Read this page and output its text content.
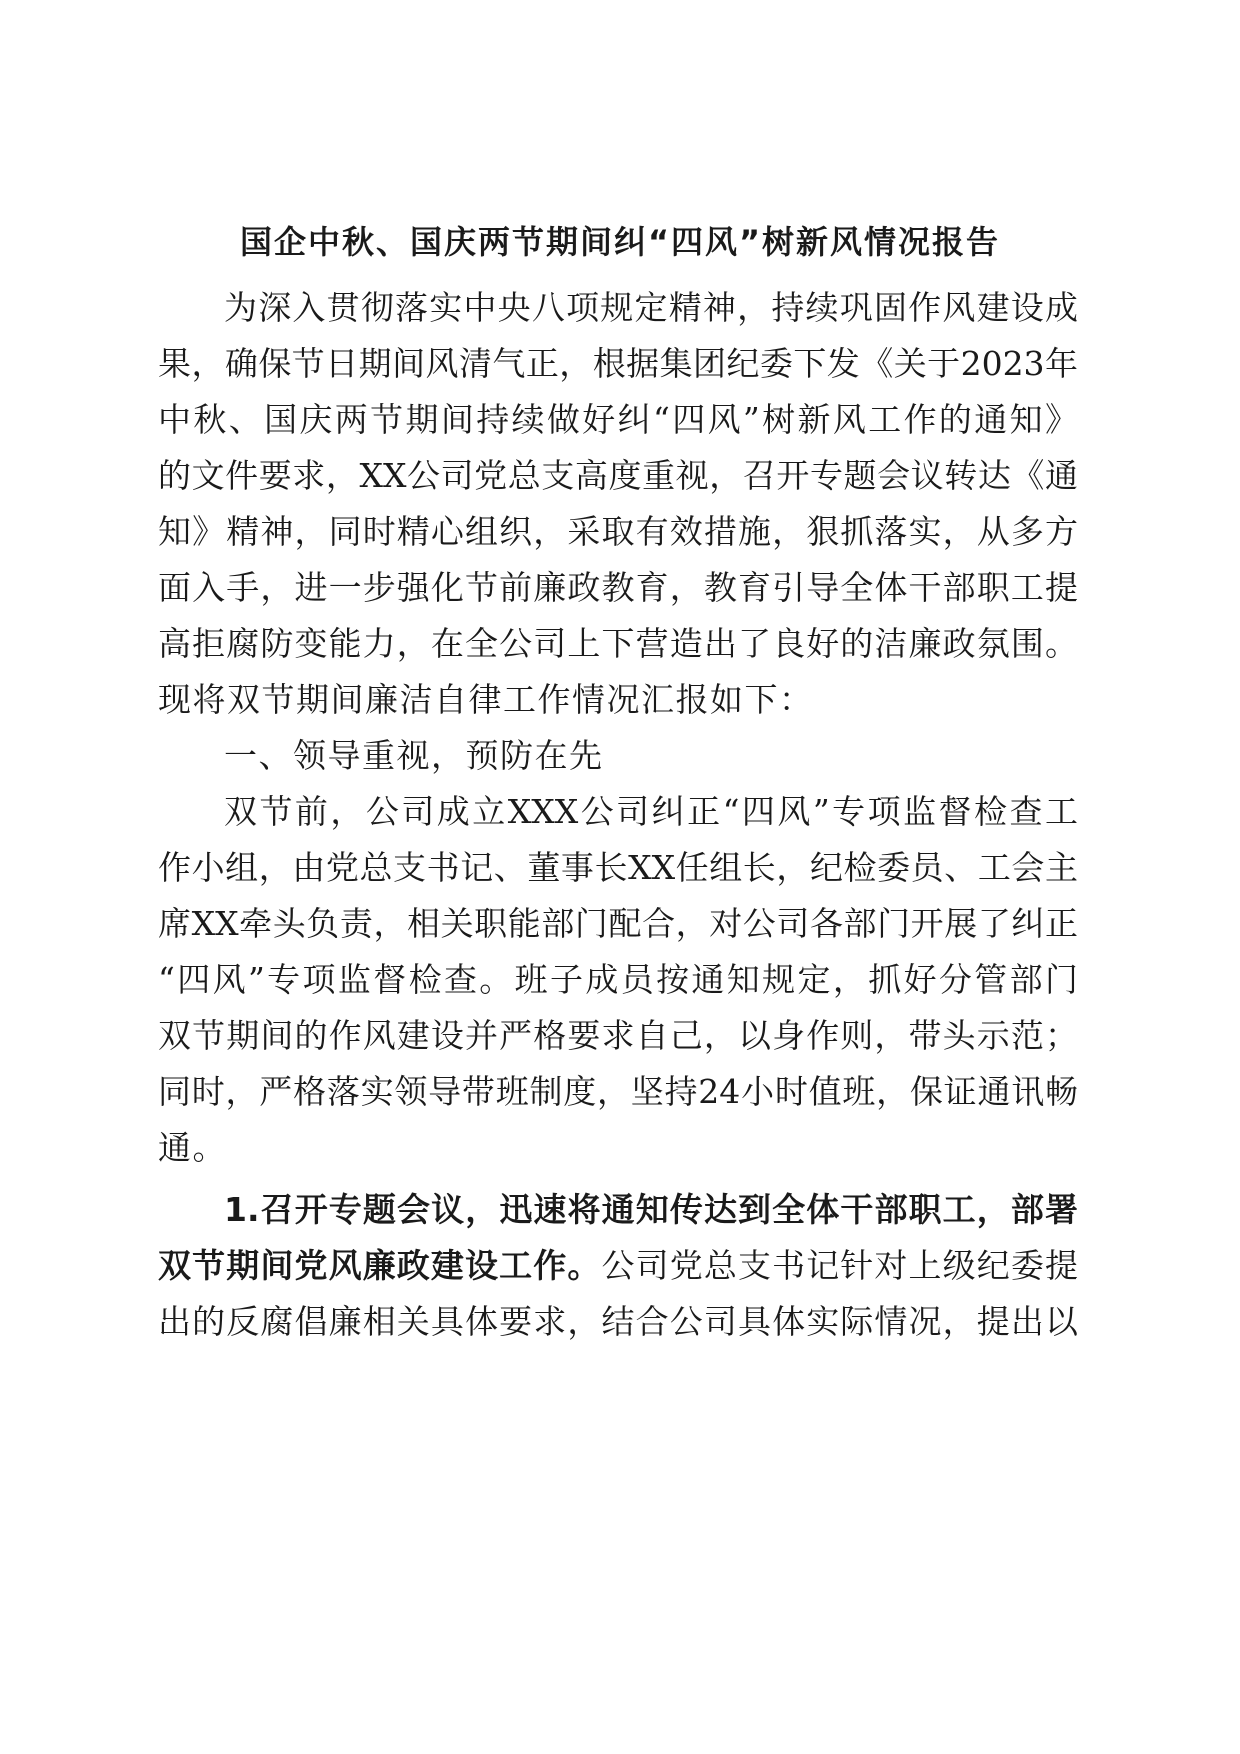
国企中秋、国庆两节期间纠“四风”树新风情况报告
为深入贯彻落实中央八项规定精神，持续巩固作风建设成
果，确保节日期间风清气正，根据集团纪委下发《关于2023年
中秋、国庆两节期间持续做好纠“四风”树新风工作的通知》
的文件要求，XX公司党总支高度重视，召开专题会议转达《通
知》精神，同时精心组织，采取有效措施，狠抓落实，从多方
面入手，进一步强化节前廉政教育，教育引导全体干部职工提
高拒腐防变能力，在全公司上下营造出了良好的洁廉政氛围。
现将双节期间廉洁自律工作情况汇报如下：
一、领导重视，预防在先
双节前，公司成立XXX公司纠正“四风”专项监督检查工
作小组，由党总支书记、董事长XX任组长，纪检委员、工会主
席XX牵头负责，相关职能部门配合，对公司各部门开展了纠正
“四风”专项监督检查。班子成员按通知规定，抓好分管部门
双节期间的作风建设并严格要求自己，以身作则，带头示范；
同时，严格落实领导带班制度，坚持24小时值班，保证通讯畅
通。
1.召开专题会议，迅速将通知传达到全体干部职工，部署
双节期间党风廉政建设工作。公司党总支书记针对上级纪委提
出的反腐倡廉相关具体要求，结合公司具体实际情况，提出以
